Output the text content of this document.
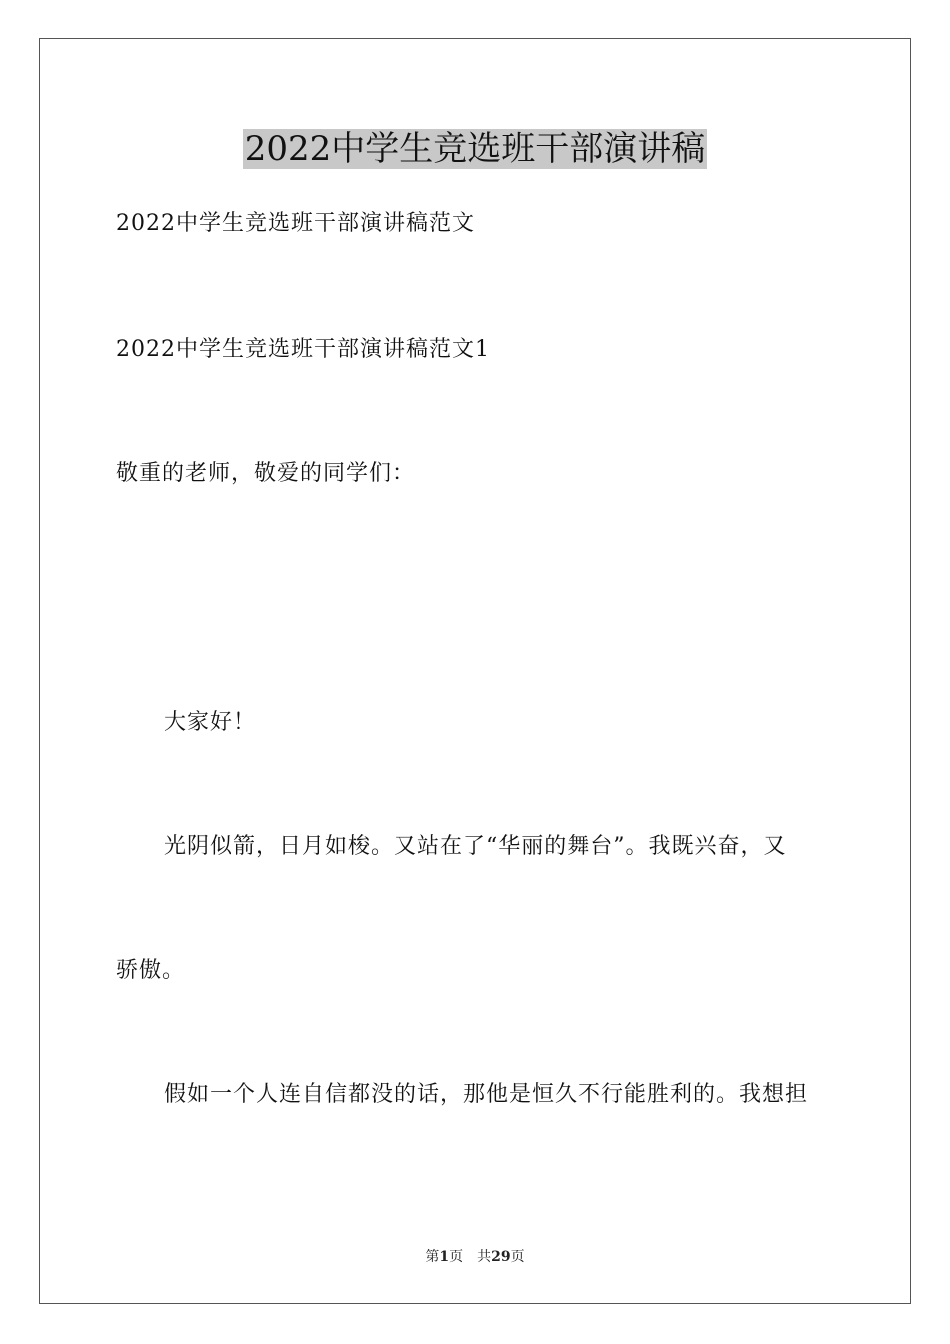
2022中学生竞选班干部演讲稿
2022中学生竞选班干部演讲稿范文
2022中学生竞选班干部演讲稿范文1
敬重的老师，敬爱的同学们：
大家好！
光阴似箭，日月如梭。又站在了“华丽的舞台”。我既兴奋，又
骄傲。
假如一个人连自信都没的话，那他是恒久不行能胜利的。我想担
第1页　共29页
